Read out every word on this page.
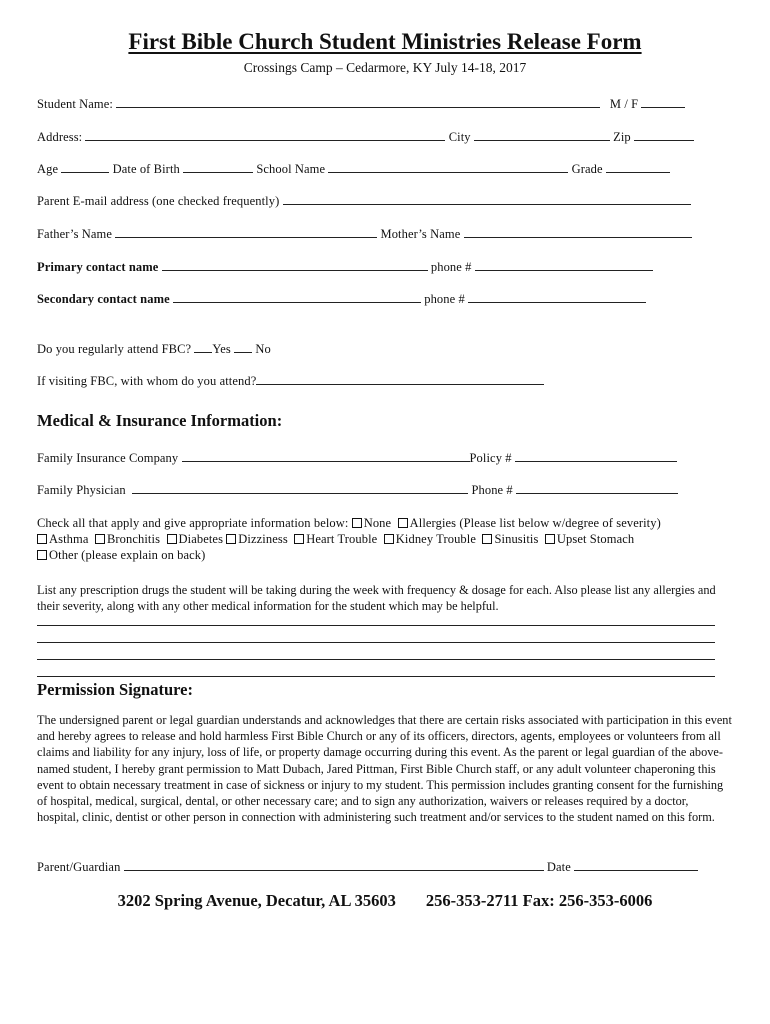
First Bible Church Student Ministries Release Form
Crossings Camp – Cedarmore, KY July 14-18, 2017
Student Name:	M / F
Address:	City	Zip
Age	Date of Birth	School Name	Grade
Parent E-mail address (one checked frequently)
Father’s Name	Mother’s Name
Primary contact name	phone #
Secondary contact name	phone #
Do you regularly attend FBC? Yes No
If visiting FBC, with whom do you attend?
Medical & Insurance Information:
Family Insurance Company	Policy #
Family Physician	Phone #
Check all that apply and give appropriate information below: None Allergies (Please list below w/degree of severity)
Asthma Bronchitis Diabetes Dizziness Heart Trouble Kidney Trouble Sinusitis Upset Stomach
Other (please explain on back)
List any prescription drugs the student will be taking during the week with frequency & dosage for each. Also please list any allergies and their severity, along with any other medical information for the student which may be helpful.
Permission Signature:
The undersigned parent or legal guardian understands and acknowledges that there are certain risks associated with participation in this event and hereby agrees to release and hold harmless First Bible Church or any of its officers, directors, agents, employees or volunteers from all claims and liability for any injury, loss of life, or property damage occurring during this event. As the parent or legal guardian of the above-named student, I hereby grant permission to Matt Dubach, Jared Pittman, First Bible Church staff, or any adult volunteer chaperoning this event to obtain necessary treatment in case of sickness or injury to my student. This permission includes granting consent for the furnishing of hospital, medical, surgical, dental, or other necessary care; and to sign any authorization, waivers or releases required by a doctor, hospital, clinic, dentist or other person in connection with administering such treatment and/or services to the student named on this form.
Parent/Guardian	Date
3202 Spring Avenue, Decatur, AL 35603 256-353-2711 Fax: 256-353-6006
